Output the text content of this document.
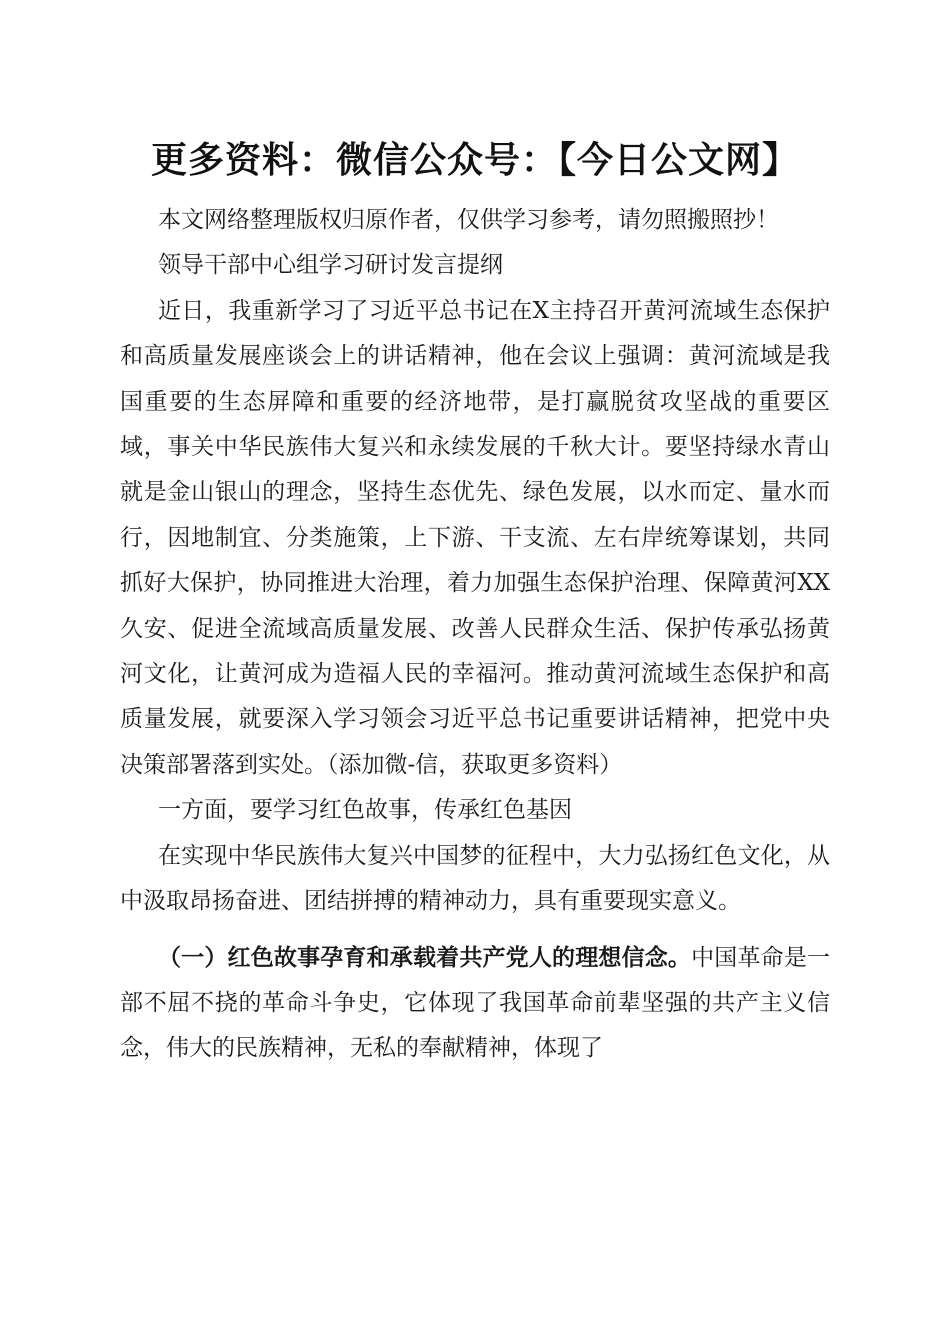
更多资料：微信公众号：【今日公文网】

本文网络整理版权归原作者，仅供学习参考，请勿照搬照抄！

领导干部中心组学习研讨发言提纲

近日，我重新学习了习近平总书记在X主持召开黄河流域生态保护和高质量发展座谈会上的讲话精神，他在会议上强调：黄河流域是我国重要的生态屏障和重要的经济地带，是打赢脱贫攻坚战的重要区域，事关中华民族伟大复兴和永续发展的千秋大计。要坚持绿水青山就是金山银山的理念，坚持生态优先、绿色发展，以水而定、量水而行，因地制宜、分类施策，上下游、干支流、左右岸统筹谋划，共同抓好大保护，协同推进大治理，着力加强生态保护治理、保障黄河XX久安、促进全流域高质量发展、改善人民群众生活、保护传承弘扬黄河文化，让黄河成为造福人民的幸福河。推动黄河流域生态保护和高质量发展，就要深入学习领会习近平总书记重要讲话精神，把党中央决策部署落到实处。（添加微-信，获取更多资料）

一方面，要学习红色故事，传承红色基因

在实现中华民族伟大复兴中国梦的征程中，大力弘扬红色文化，从中汲取昂扬奋进、团结拼搏的精神动力，具有重要现实意义。

（一）红色故事孕育和承载着共产党人的理想信念。中国革命是一部不屈不挠的革命斗争史，它体现了我国革命前辈坚强的共产主义信念，伟大的民族精神，无私的奉献精神，体现了
